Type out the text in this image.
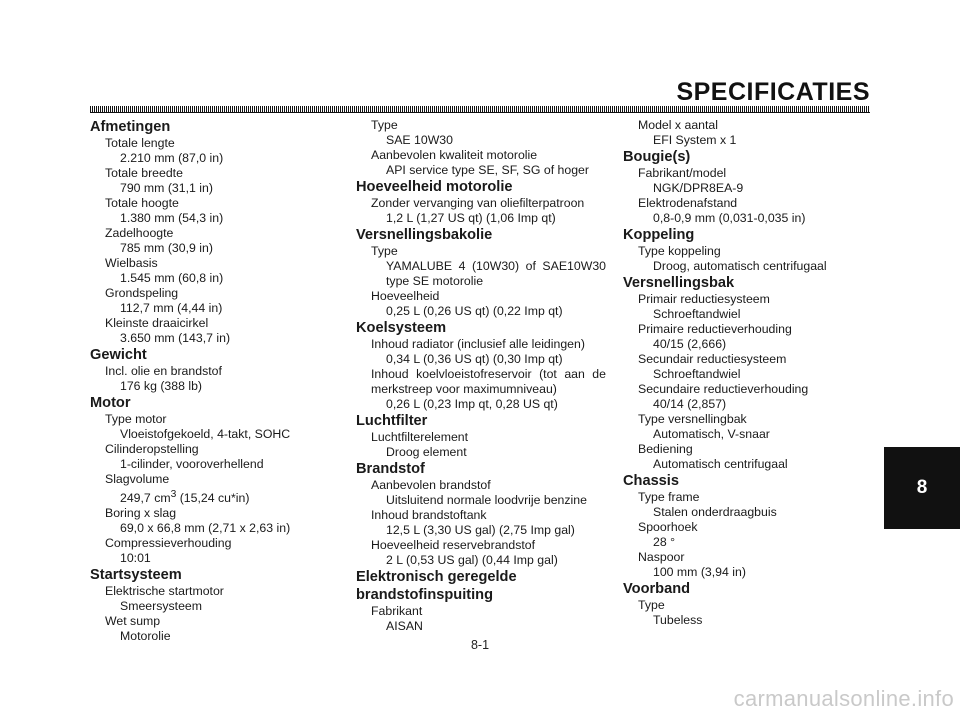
SPECIFICATIES
Afmetingen
Totale lengte
2.210 mm (87,0 in)
Totale breedte
790 mm (31,1 in)
Totale hoogte
1.380 mm (54,3 in)
Zadelhoogte
785 mm (30,9 in)
Wielbasis
1.545 mm (60,8 in)
Grondspeling
112,7 mm (4,44 in)
Kleinste draaicirkel
3.650 mm (143,7 in)
Gewicht
Incl. olie en brandstof
176 kg (388 lb)
Motor
Type motor
Vloeistofgekoeld, 4-takt, SOHC
Cilinderopstelling
1-cilinder, vooroverhellend
Slagvolume
249,7 $cm^3$ (15,24 cu*in)
Boring x slag
69,0 x 66,8 mm (2,71 x 2,63 in)
Compressieverhouding
10:01
Startsysteem
Elektrische startmotor
Smeersysteem
Wet sump
Motorolie
Type
SAE 10W30
Aanbevolen kwaliteit motorolie
API service type SE, SF, SG of hoger
Hoeveelheid motorolie
Zonder vervanging van oliefilterpatroon
1,2 L (1,27 US qt) (1,06 Imp qt)
Versnellingsbakolie
Type
YAMALUBE 4 (10W30) of SAE10W30
type SE motorolie
Hoeveelheid
0,25 L (0,26 US qt) (0,22 Imp qt)
Koelsysteem
Inhoud radiator (inclusief alle leidingen)
0,34 L (0,36 US qt) (0,30 Imp qt)
Inhoud koelvloeistofreservoir (tot aan de
merkstreep voor maximumniveau)
0,26 L (0,23 Imp qt, 0,28 US qt)
Luchtfilter
Luchtfilterelement
Droog element
Brandstof
Aanbevolen brandstof
Uitsluitend normale loodvrije benzine
Inhoud brandstoftank
12,5 L (3,30 US gal) (2,75 Imp gal)
Hoeveelheid reservebrandstof
2 L (0,53 US gal) (0,44 Imp gal)
Elektronisch geregelde
brandstofinspuiting
Fabrikant
AISAN
Model x aantal
EFI System x 1
Bougie(s)
Fabrikant/model
NGK/DPR8EA-9
Elektrodenafstand
0,8-0,9 mm (0,031-0,035 in)
Koppeling
Type koppeling
Droog, automatisch centrifugaal
Versnellingsbak
Primair reductiesysteem
Schroeftandwiel
Primaire reductieverhouding
40/15 (2,666)
Secundair reductiesysteem
Schroeftandwiel
Secundaire reductieverhouding
40/14 (2,857)
Type versnellingbak
Automatisch, V-snaar
Bediening
Automatisch centrifugaal
Chassis
Type frame
Stalen onderdraagbuis
Spoorhoek
28 °
Naspoor
100 mm (3,94 in)
Voorband
Type
Tubeless
8
8-1
carmanualsonline.info
